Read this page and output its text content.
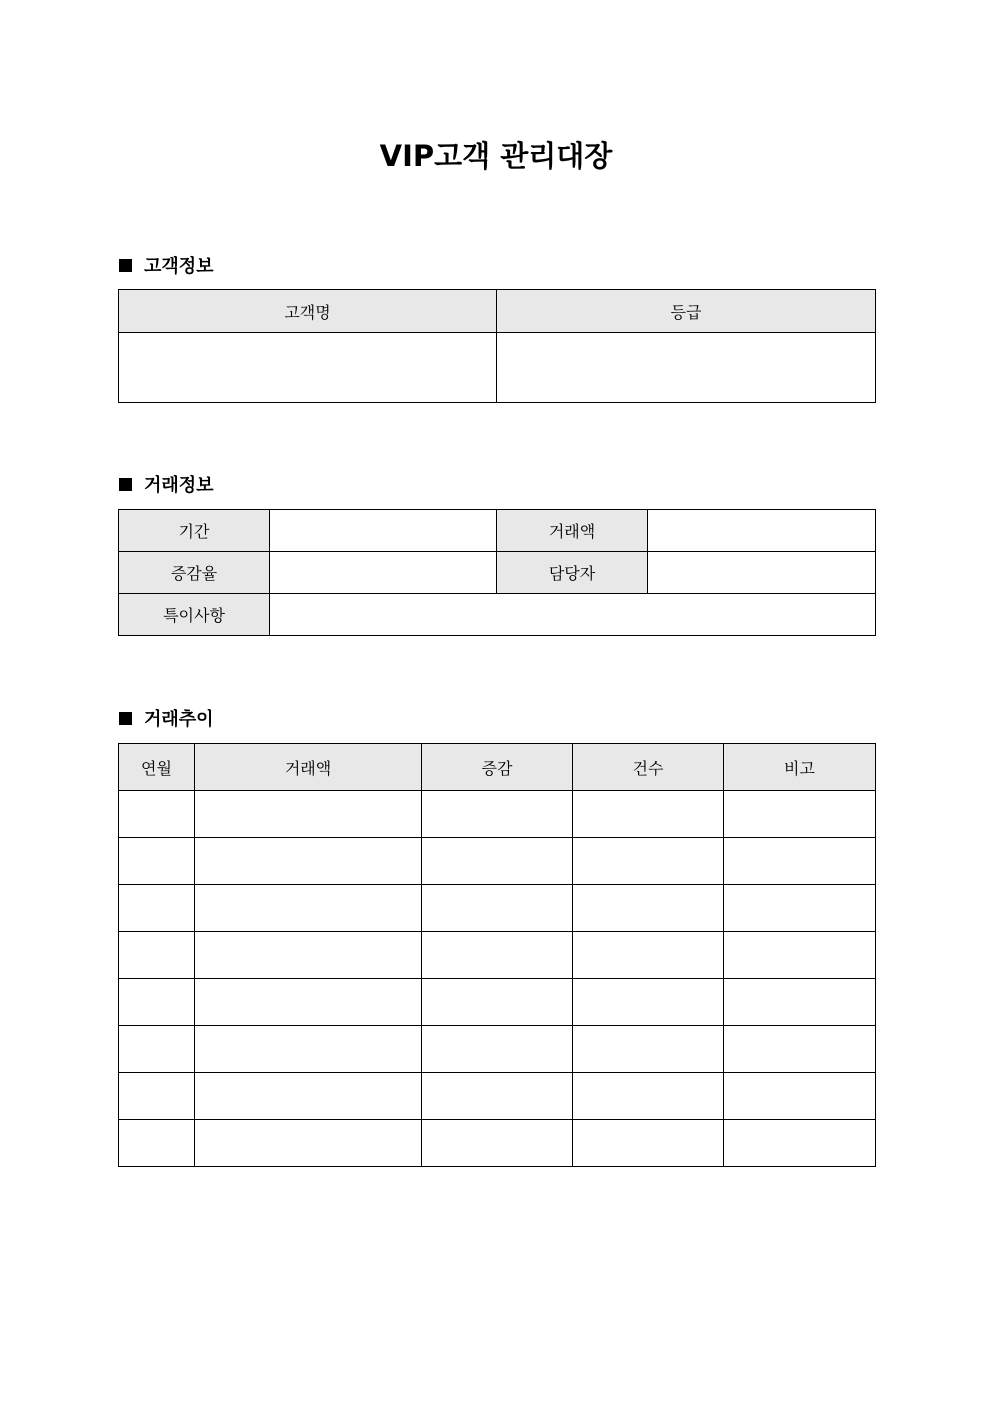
VIP고객 관리대장
고객정보
고객명	등급

거래정보
기간		거래액	
증감율		담당자	
특이사항			
거래추이
연월	거래액	증감	건수	비고
